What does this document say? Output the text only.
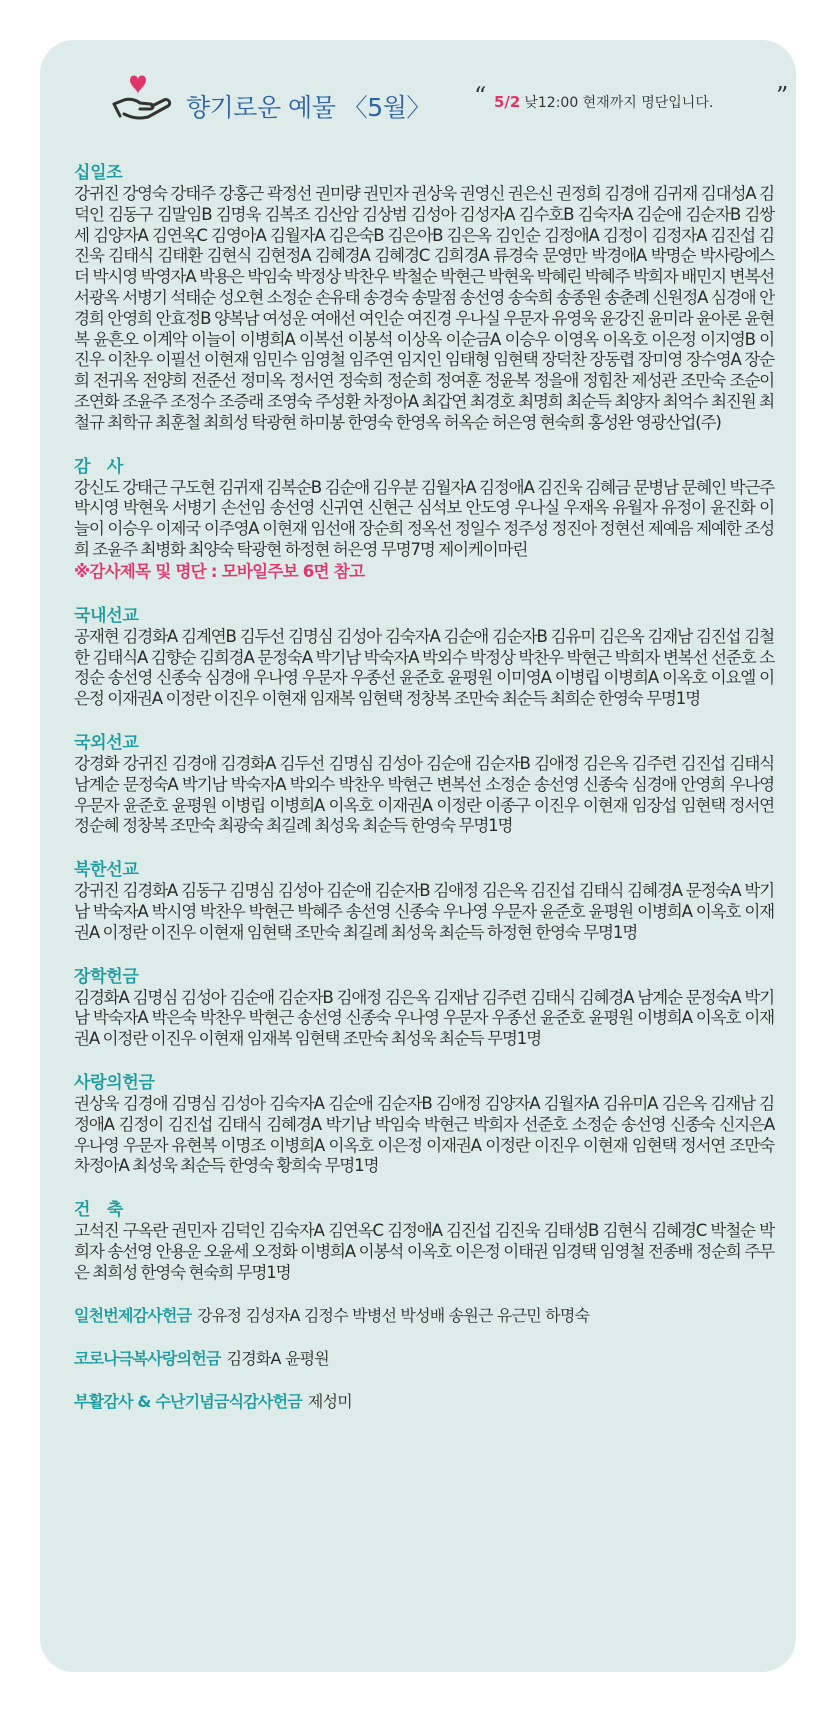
향기로운 예물 〈5월〉 “ 5/2 낮12:00 현재까지 명단입니다.	”
십일조
강귀진 강영숙 강태주 강홍근 곽정선 권미량 권민자 권상욱 권영신 권은신 권정희 김경애 김귀재 김대성A 김덕인 김동구 김말임B 김명욱 김복조 김산암 김상범 김성아 김성자A 김수호B 김숙자A 김순애 김순자B 김쌍세 김양자A 김연옥C 김영아A 김월자A 김은숙B 김은아B 김은옥 김인순 김정애A 김정이 김정자A 김진섭 김진욱 김태식 김태환 김현식 김현정A 김혜경A 김혜경C 김희경A 류경숙 문영만 박경애A 박명순 박사랑에스더 박시영 박영자A 박용은 박임숙 박정상 박찬우 박철순 박현근 박현욱 박혜린 박혜주 박희자 배민지 변복선 서광옥 서병기 석태순 성오현 소정순 손유태 송경숙 송말점 송선영 송숙희 송종원 송춘례 신원정A 심경애 안경희 안영희 안효정B 양복남 여성운 여애선 여인순 여진경 우나실 우문자 유영욱 윤강진 윤미라 윤아론 윤현복 윤흔오 이계악 이늘이 이병희A 이복선 이봉석 이상옥 이순금A 이승우 이영옥 이옥호 이은정 이지영B 이진우 이찬우 이필선 이현재 임민수 임영철 임주연 임지인 임태형 임현택 장덕찬 장동렵 장미영 장수영A 장순희 전귀옥 전양희 전준선 정미옥 정서연 정숙희 정순희 정여훈 정윤복 정을애 정힘찬 제성관 조만숙 조순이 조연화 조윤주 조정수 조증래 조영숙 주성환 차정아A 최갑연 최경호 최명희 최순득 최양자 최억수 최진원 최철규 최학규 최훈철 최희성 탁광현 하미봉 한영숙 한영옥 허옥순 허은영 현숙희 홍성완 영광산업(주)
감　사
강신도 강태근 구도현 김귀재 김복순B 김순애 김우분 김월자A 김정애A 김진욱 김혜금 문병남 문혜인 박근주 박시영 박현욱 서병기 손선임 송선영 신귀연 신현근 심석보 안도영 우나실 우재옥 유월자 유정이 윤진화 이늘이 이승우 이제국 이주영A 이현재 임선애 장순희 정옥선 정일수 정주성 정진아 정현선 제예음 제예한 조성희 조윤주 최병화 최양숙 탁광현 하정현 허은영 무명7명 제이케이마린
※감사제목 및 명단 : 모바일주보 6면 참고
국내선교
공재현 김경화A 김계연B 김두선 김명심 김성아 김숙자A 김순애 김순자B 김유미 김은옥 김재남 김진섭 김철한 김태식A 김향순 김희경A 문정숙A 박기남 박숙자A 박외수 박정상 박찬우 박현근 박희자 변복선 선준호 소정순 송선영 신종숙 심경애 우나영 우문자 우종선 윤준호 윤평원 이미영A 이병립 이병희A 이옥호 이요엘 이은정 이재권A 이정란 이진우 이현재 임재복 임현택 정창복 조만숙 최순득 최희순 한영숙 무명1명
국외선교
강경화 강귀진 김경애 김경화A 김두선 김명심 김성아 김순애 김순자B 김애정 김은옥 김주련 김진섭 김태식 남계순 문정숙A 박기남 박숙자A 박외수 박찬우 박현근 변복선 소정순 송선영 신종숙 심경애 안영희 우나영 우문자 윤준호 윤평원 이병립 이병희A 이옥호 이재권A 이정란 이종구 이진우 이현재 임장섭 임현택 정서연 정순혜 정창복 조만숙 최광숙 최길례 최성욱 최순득 한영숙 무명1명
북한선교
강귀진 김경화A 김동구 김명심 김성아 김순애 김순자B 김애정 김은옥 김진섭 김태식 김혜경A 문정숙A 박기남 박숙자A 박시영 박찬우 박현근 박혜주 송선영 신종숙 우나영 우문자 윤준호 윤평원 이병희A 이옥호 이재권A 이정란 이진우 이현재 임현택 조만숙 최길례 최성욱 최순득 하정현 한영숙 무명1명
장학헌금
김경화A 김명심 김성아 김순애 김순자B 김애정 김은옥 김재남 김주련 김태식 김혜경A 남계순 문정숙A 박기남 박숙자A 박은숙 박찬우 박현근 송선영 신종숙 우나영 우문자 우종선 윤준호 윤평원 이병희A 이옥호 이재권A 이정란 이진우 이현재 임재복 임현택 조만숙 최성욱 최순득 무명1명
사랑의헌금
권상욱 김경애 김명심 김성아 김숙자A 김순애 김순자B 김애정 김양자A 김월자A 김유미A 김은옥 김재남 김정애A 김정이 김진섭 김태식 김혜경A 박기남 박임숙 박현근 박희자 선준호 소정순 송선영 신종숙 신지은A 우나영 우문자 유현복 이명조 이병희A 이옥호 이은정 이재권A 이정란 이진우 이현재 임현택 정서연 조만숙 차정아A 최성욱 최순득 한영숙 황희숙 무명1명
건　축
고석진 구옥란 권민자 김덕인 김숙자A 김연옥C 김정애A 김진섭 김진욱 김태성B 김현식 김혜경C 박철순 박희자 송선영 안용운 오윤세 오정화 이병희A 이봉석 이옥호 이은정 이태권 임경택 임영철 전종배 정순희 주무은 최희성 한영숙 현숙희 무명1명
일천번제감사헌금 강유정 김성자A 김정수 박병선 박성배 송원근 유근민 하명숙
코로나극복사랑의헌금 김경화A 윤평원
부활감사 & 수난기념금식감사헌금 제성미
